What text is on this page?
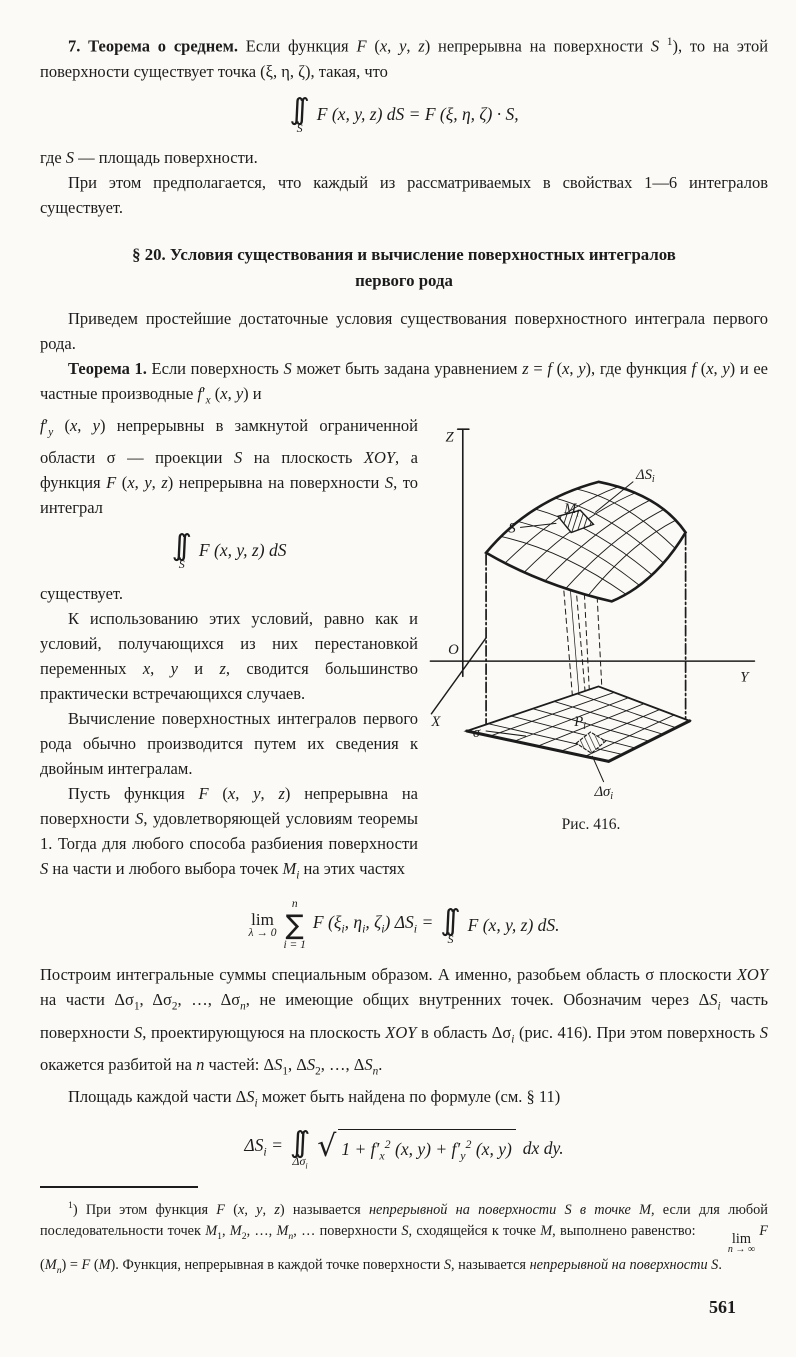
7. Теорема о среднем. Если функция F (x, y, z) непрерывна на поверхности S $^1$), то на этой поверхности существует точка (ξ, η, ζ), такая, что

∫∫
S
F (x, y, z) dS = F (ξ, η, ζ) · S,

где S — площадь поверхности.

При этом предполагается, что каждый из рассматриваемых в свойствах 1—6 интегралов существует.

§ 20. Условия существования и вычисление поверхностных интегралов
первого рода

Приведем простейшие достаточные условия существования поверхностного интеграла первого рода.

Теорема 1. Если поверхность S может быть задана уравнением z = f (x, y), где функция f (x, y) и ее частные производные $f'_x$ (x, y) и

Z
O
Y
X
S
$M_i$
$\Delta S_i$
σ
$P_i$
$\Delta\sigma_i$
Рис. 416.

$f'_y$ (x, y) непрерывны в замкнутой ограниченной области σ — проекции S на плоскость XOY, а функция F (x, y, z) непрерывна на поверхности S, то интеграл

∫∫
S
F (x, y, z) dS

существует.

К использованию этих условий, равно как и условий, получающихся из них перестановкой переменных x, y и z, сводится большинство практически встречающихся случаев.

Вычисление поверхностных интегралов первого рода обычно производится путем их сведения к двойным интегралам.

Пусть функция F (x, y, z) непрерывна на поверхности S, удовлетворяющей условиям теоремы 1. Тогда для любого способа разбиения поверхности S на части и любого выбора точек $M_i$ на этих частях

lim
λ → 0
n
∑
i = 1
F ($\xi_i$, $\eta_i$, $\zeta_i$) $\Delta S_i$ = ∫∫
S
F (x, y, z) dS.

Построим интегральные суммы специальным образом. А именно, разобьем область σ плоскости XOY на части $\Delta\sigma_1$, $\Delta\sigma_2$, …, $\Delta\sigma_n$, не имеющие общих внутренних точек. Обозначим через $\Delta S_i$ часть поверхности S, проектирующуюся на плоскость XOY в область $\Delta\sigma_i$ (рис. 416). При этом поверхность S окажется разбитой на n частей: $\Delta S_1$, $\Delta S_2$, …, $\Delta S_n$.

Площадь каждой части $\Delta S_i$ может быть найдена по формуле (см. § 11)

$\Delta S_i$ = ∫∫
$\Delta\sigma_i$
√ $1 + f'_x^2$ (x, $y) + f'_y^2$ (x, y) dx dy.

$^1$) При этом функция F (x, y, z) называется непрерывной на поверхности S в точке M, если для любой последовательности точек $M_1$, $M_2$, …, $M_n$, … поверхности S, сходящейся к точке M, выполнено равенство:	lim
n → ∞
F $(M_n) = F$ (M). Функция, непрерывная в каждой точке поверхности S, называется непрерывной на поверхности S.

561
